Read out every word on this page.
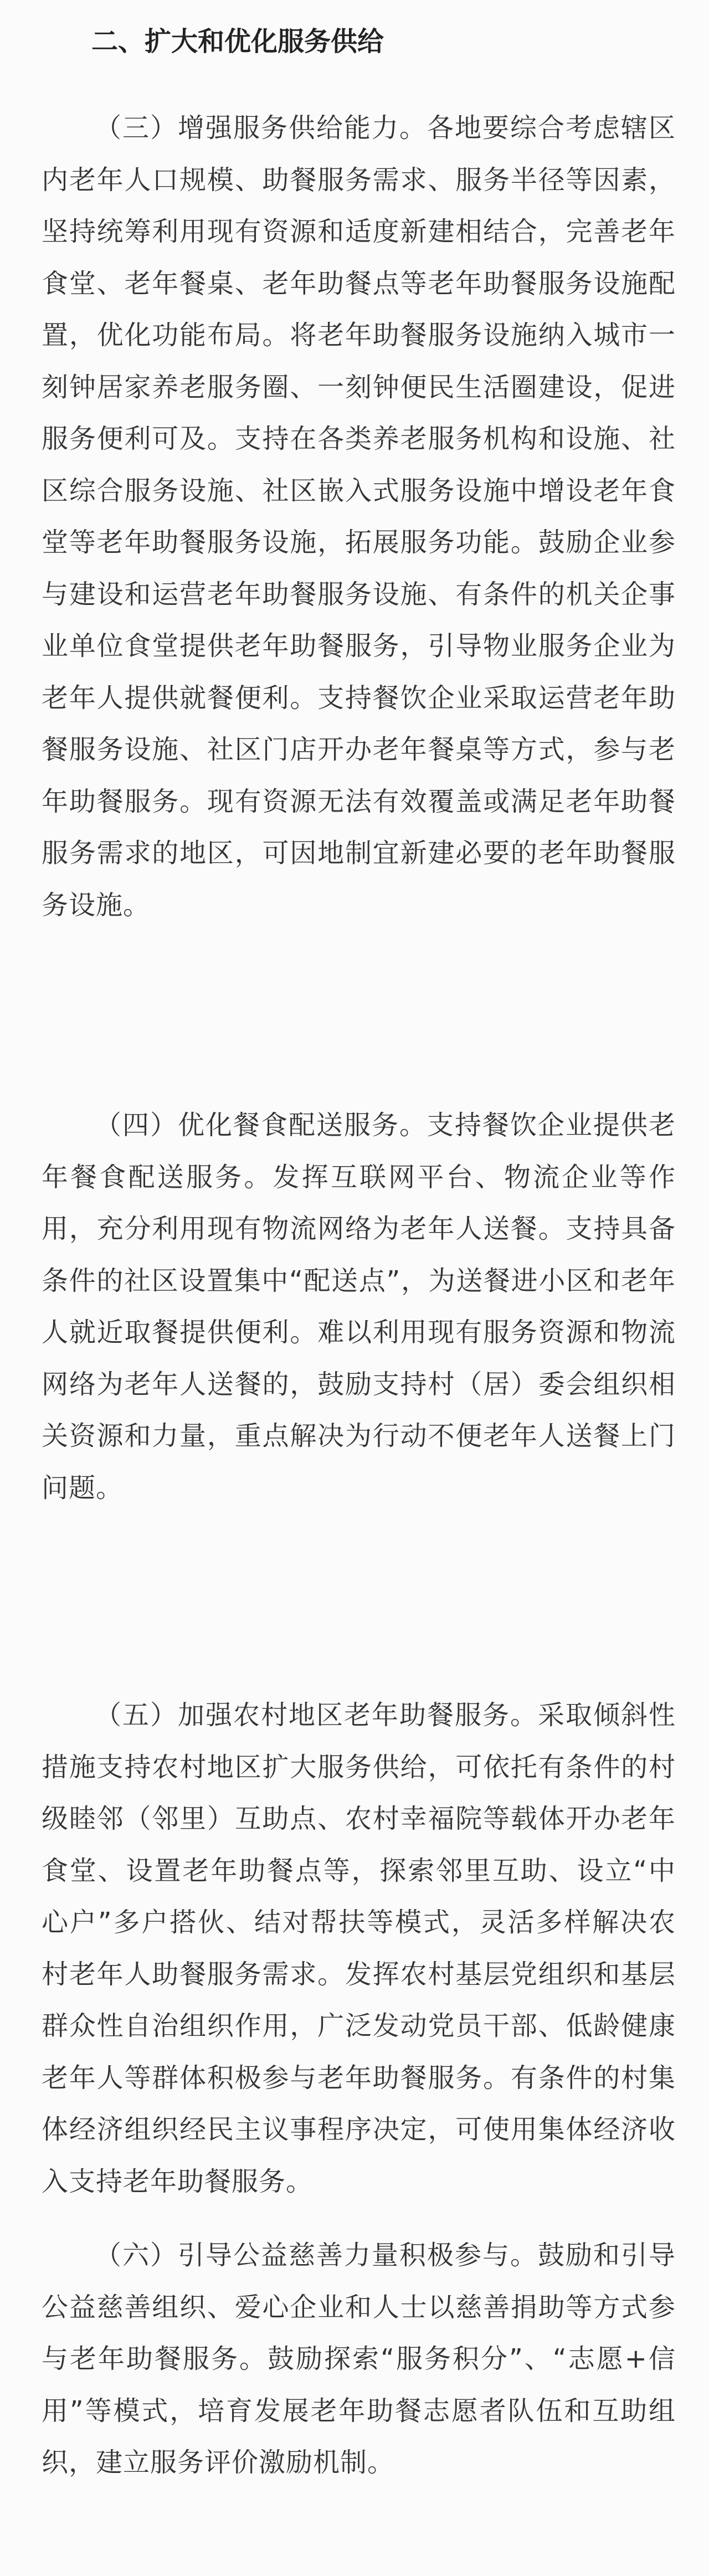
二、扩大和优化服务供给

（三）增强服务供给能力。各地要综合考虑辖区内老年人口规模、助餐服务需求、服务半径等因素，坚持统筹利用现有资源和适度新建相结合，完善老年食堂、老年餐桌、老年助餐点等老年助餐服务设施配置，优化功能布局。将老年助餐服务设施纳入城市一刻钟居家养老服务圈、一刻钟便民生活圈建设，促进服务便利可及。支持在各类养老服务机构和设施、社区综合服务设施、社区嵌入式服务设施中增设老年食堂等老年助餐服务设施，拓展服务功能。鼓励企业参与建设和运营老年助餐服务设施、有条件的机关企事业单位食堂提供老年助餐服务，引导物业服务企业为老年人提供就餐便利。支持餐饮企业采取运营老年助餐服务设施、社区门店开办老年餐桌等方式，参与老年助餐服务。现有资源无法有效覆盖或满足老年助餐服务需求的地区，可因地制宜新建必要的老年助餐服务设施。

（四）优化餐食配送服务。支持餐饮企业提供老年餐食配送服务。发挥互联网平台、物流企业等作用，充分利用现有物流网络为老年人送餐。支持具备条件的社区设置集中“配送点”，为送餐进小区和老年人就近取餐提供便利。难以利用现有服务资源和物流网络为老年人送餐的，鼓励支持村（居）委会组织相关资源和力量，重点解决为行动不便老年人送餐上门问题。

（五）加强农村地区老年助餐服务。采取倾斜性措施支持农村地区扩大服务供给，可依托有条件的村级睦邻（邻里）互助点、农村幸福院等载体开办老年食堂、设置老年助餐点等，探索邻里互助、设立“中心户”多户搭伙、结对帮扶等模式，灵活多样解决农村老年人助餐服务需求。发挥农村基层党组织和基层群众性自治组织作用，广泛发动党员干部、低龄健康老年人等群体积极参与老年助餐服务。有条件的村集体经济组织经民主议事程序决定，可使用集体经济收入支持老年助餐服务。

（六）引导公益慈善力量积极参与。鼓励和引导公益慈善组织、爱心企业和人士以慈善捐助等方式参与老年助餐服务。鼓励探索“服务积分”、“志愿+信用”等模式，培育发展老年助餐志愿者队伍和互助组织，建立服务评价激励机制。
